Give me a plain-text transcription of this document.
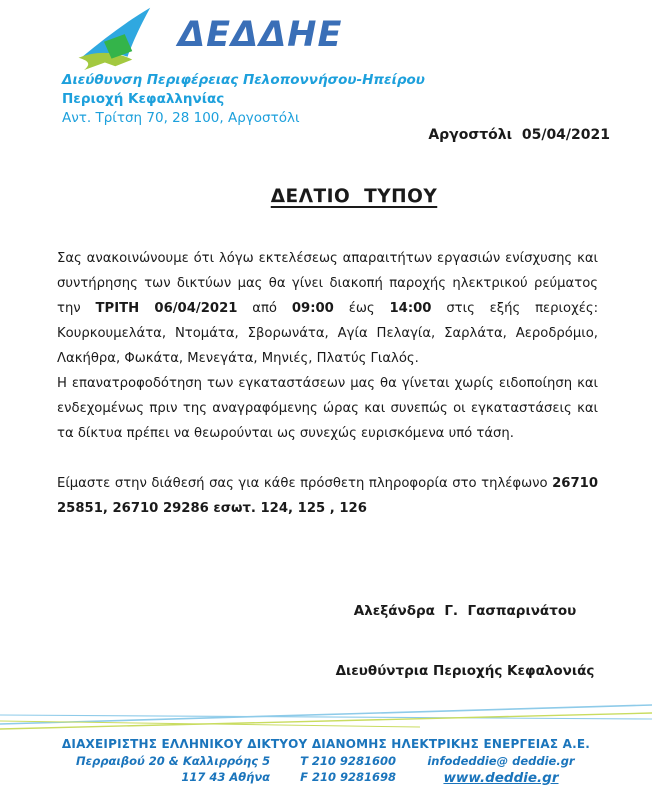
ΔΕΔΔΗΕ
Διεύθυνση Περιφέρειας Πελοποννήσου-Ηπείρου
Περιοχή Κεφαλληνίας
Αντ. Τρίτση 70, 28 100, Αργοστόλι
Αργοστόλι  05/04/2021
ΔΕΛΤΙΟ  ΤΥΠΟΥ

Σας ανακοινώνουμε ότι λόγω εκτελέσεως απαραιτήτων εργασιών ενίσχυσης και συντήρησης των δικτύων μας θα γίνει διακοπή παροχής ηλεκτρικού ρεύματος την ΤΡΙΤΗ 06/04/2021 από 09:00 έως 14:00 στις εξής περιοχές: Κουρκουμελάτα, Ντομάτα, Σβορωνάτα, Αγία Πελαγία, Σαρλάτα, Αεροδρόμιο, Λακήθρα, Φωκάτα, Μενεγάτα, Μηνιές, Πλατύς Γιαλός.

Η επανατροφοδότηση των εγκαταστάσεων μας θα γίνεται χωρίς ειδοποίηση και ενδεχομένως πριν της αναγραφόμενης ώρας και συνεπώς οι εγκαταστάσεις και τα δίκτυα πρέπει να θεωρούνται ως συνεχώς ευρισκόμενα υπό τάση.

Είμαστε στην διάθεσή σας για κάθε πρόσθετη πληροφορία στο τηλέφωνο 26710 25851, 26710 29286 εσωτ. 124, 125 , 126

Αλεξάνδρα  Γ.  Γασπαρινάτου

Διευθύντρια Περιοχής Κεφαλονιάς

ΔΙΑΧΕΙΡΙΣΤΗΣ ΕΛΛΗΝΙΚΟΥ ΔΙΚΤΥΟΥ ΔΙΑΝΟΜΗΣ ΗΛΕΚΤΡΙΚΗΣ ΕΝΕΡΓΕΙΑΣ Α.Ε.
Περραιβού 20 & Καλλιρρόης 5
117 43 Αθήνα
Τ 210 9281600
F 210 9281698
infodeddie@ deddie.gr
www.deddie.gr
